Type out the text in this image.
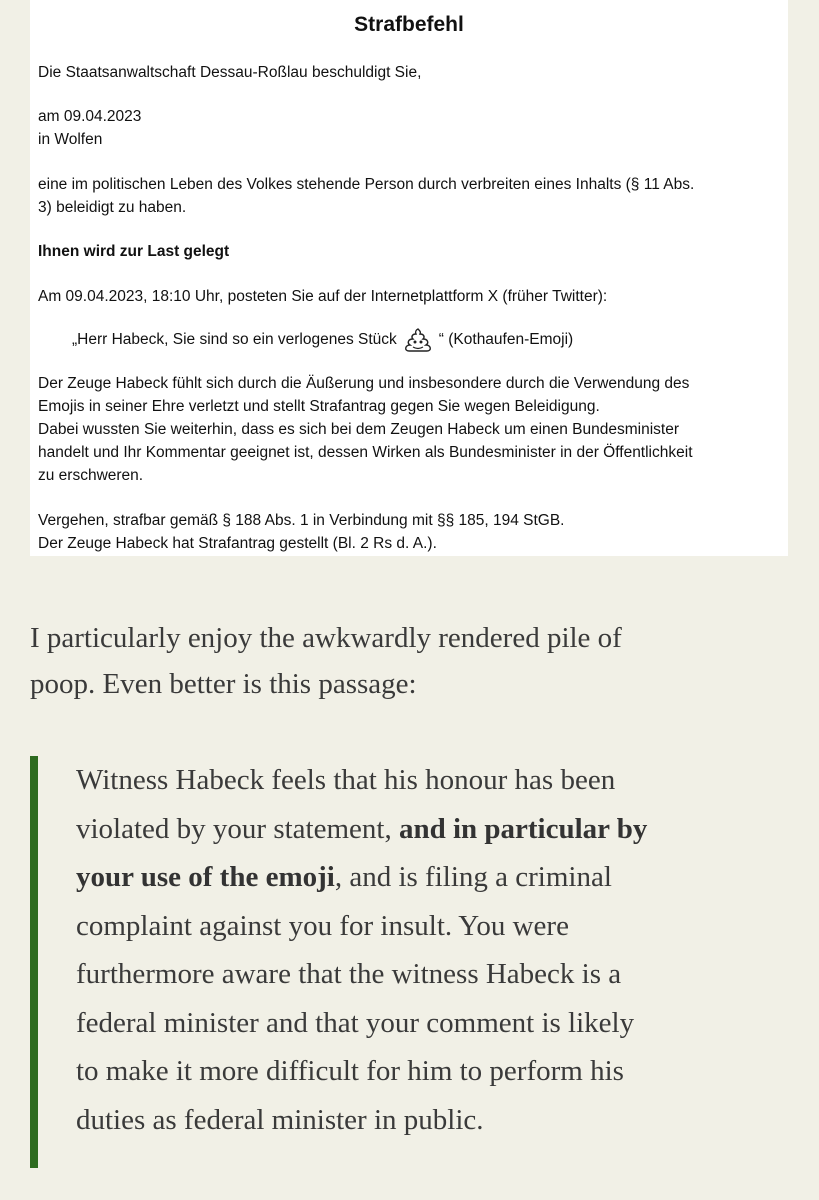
Strafbefehl
Die Staatsanwaltschaft Dessau-Roßlau beschuldigt Sie,
am 09.04.2023
in Wolfen
eine im politischen Leben des Volkes stehende Person durch verbreiten eines Inhalts (§ 11 Abs.
3) beleidigt zu haben.
Ihnen wird zur Last gelegt
Am 09.04.2023, 18:10 Uhr, posteten Sie auf der Internetplattform X (früher Twitter):
„Herr Habeck, Sie sind so ein verlogenes Stück	“ (Kothaufen-Emoji)
Der Zeuge Habeck fühlt sich durch die Äußerung und insbesondere durch die Verwendung des
Emojis in seiner Ehre verletzt und stellt Strafantrag gegen Sie wegen Beleidigung.
Dabei wussten Sie weiterhin, dass es sich bei dem Zeugen Habeck um einen Bundesminister
handelt und Ihr Kommentar geeignet ist, dessen Wirken als Bundesminister in der Öffentlichkeit
zu erschweren.
Vergehen, strafbar gemäß § 188 Abs. 1 in Verbindung mit §§ 185, 194 StGB.
Der Zeuge Habeck hat Strafantrag gestellt (Bl. 2 Rs d. A.).
I particularly enjoy the awkwardly rendered pile of
poop. Even better is this passage:
Witness Habeck feels that his honour has been
violated by your statement, and in particular by
your use of the emoji, and is filing a criminal
complaint against you for insult. You were
furthermore aware that the witness Habeck is a
federal minister and that your comment is likely
to make it more difficult for him to perform his
duties as federal minister in public.
